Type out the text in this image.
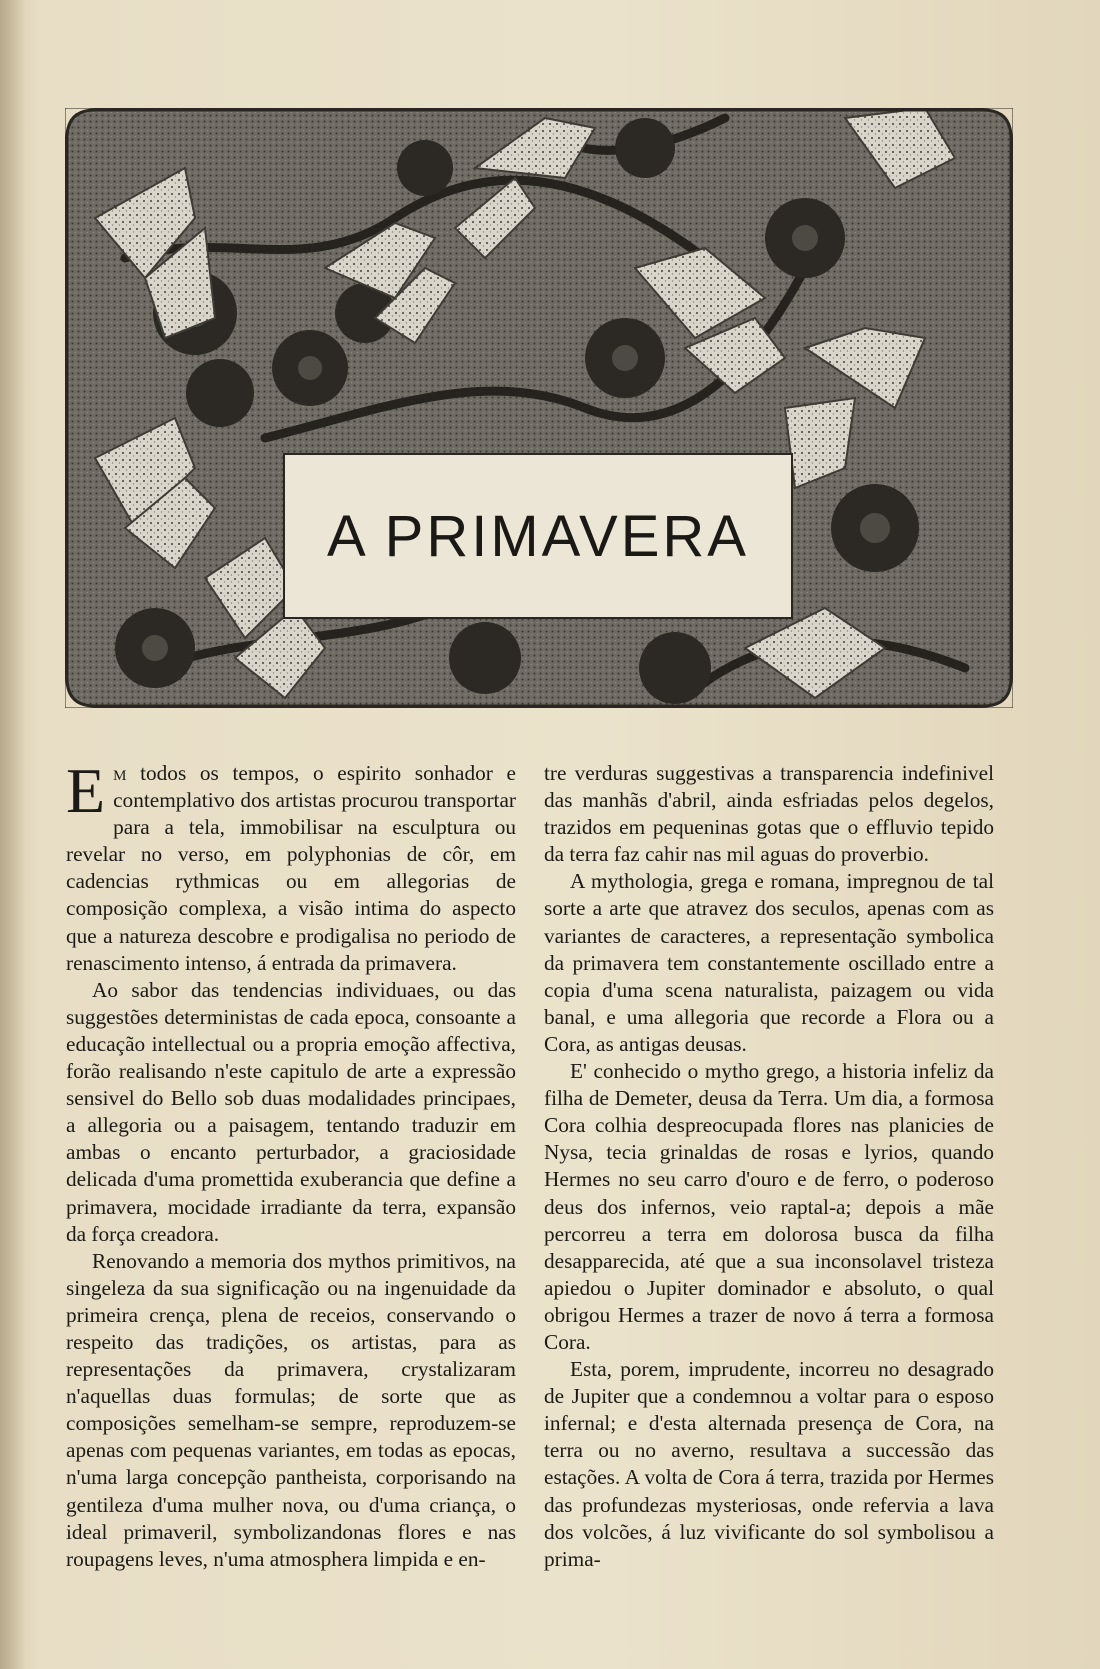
A PRIMAVERA

Em todos os tempos, o espirito sonhador e contemplativo dos artistas procurou transportar para a tela, immobilisar na esculptura ou revelar no verso, em polyphonias de côr, em cadencias rythmicas ou em allegorias de composição complexa, a visão intima do aspecto que a natureza descobre e prodigalisa no periodo de renascimento intenso, á entrada da primavera.

Ao sabor das tendencias individuaes, ou das suggestões deterministas de cada epoca, consoante a educação intellectual ou a propria emoção affectiva, forão realisando n'este capitulo de arte a expressão sensivel do Bello sob duas modalidades principaes, a allegoria ou a paisagem, tentando traduzir em ambas o encanto perturbador, a graciosidade delicada d'uma promettida exuberancia que define a primavera, mocidade irradiante da terra, expansão da força creadora.

Renovando a memoria dos mythos primitivos, na singeleza da sua significação ou na ingenuidade da primeira crença, plena de receios, conservando o respeito das tradições, os artistas, para as representações da primavera, crystalizaram n'aquellas duas formulas; de sorte que as composições semelham-se sempre, reproduzem-se apenas com pequenas variantes, em todas as epocas, n'uma larga concepção pantheista, corporisando na gentileza d'uma mulher nova, ou d'uma criança, o ideal primaveril, symbolizandonas flores e nas roupagens leves, n'uma atmosphera limpida e en-

tre verduras suggestivas a transparencia indefinivel das manhãs d'abril, ainda esfriadas pelos degelos, trazidos em pequeninas gotas que o effluvio tepido da terra faz cahir nas mil aguas do proverbio.

A mythologia, grega e romana, impregnou de tal sorte a arte que atravez dos seculos, apenas com as variantes de caracteres, a representação symbolica da primavera tem constantemente oscillado entre a copia d'uma scena naturalista, paizagem ou vida banal, e uma allegoria que recorde a Flora ou a Cora, as antigas deusas.

E' conhecido o mytho grego, a historia infeliz da filha de Demeter, deusa da Terra. Um dia, a formosa Cora colhia despreocupada flores nas planicies de Nysa, tecia grinaldas de rosas e lyrios, quando Hermes no seu carro d'ouro e de ferro, o poderoso deus dos infernos, veio raptal-a; depois a mãe percorreu a terra em dolorosa busca da filha desapparecida, até que a sua inconsolavel tristeza apiedou o Jupiter dominador e absoluto, o qual obrigou Hermes a trazer de novo á terra a formosa Cora.

Esta, porem, imprudente, incorreu no desagrado de Jupiter que a condemnou a voltar para o esposo infernal; e d'esta alternada presença de Cora, na terra ou no averno, resultava a successão das estações. A volta de Cora á terra, trazida por Hermes das profundezas mysteriosas, onde refervia a lava dos volcões, á luz vivificante do sol symbolisou a prima-
